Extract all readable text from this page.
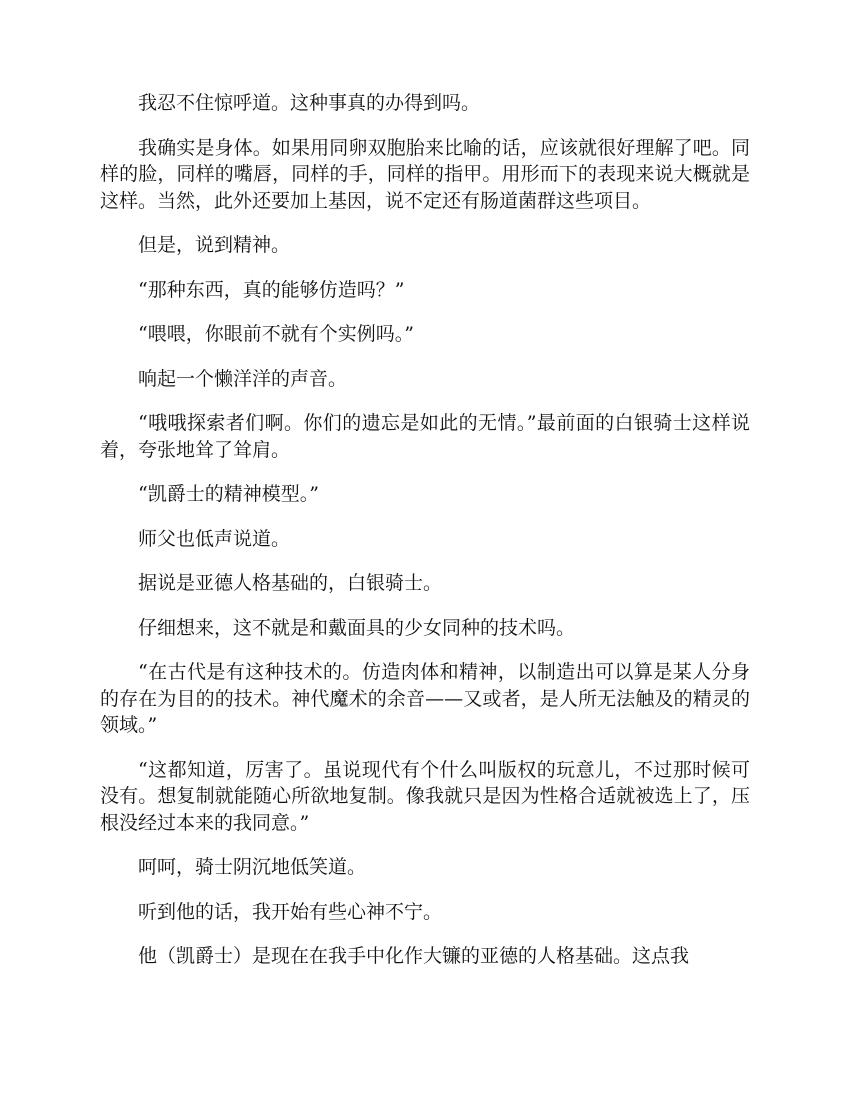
我忍不住惊呼道。这种事真的办得到吗。

我确实是身体。如果用同卵双胞胎来比喻的话，应该就很好理解了吧。同样的脸，同样的嘴唇，同样的手，同样的指甲。用形而下的表现来说大概就是这样。当然，此外还要加上基因，说不定还有肠道菌群这些项目。

但是，说到精神。

“那种东西，真的能够仿造吗？”

“喂喂，你眼前不就有个实例吗。”

响起一个懒洋洋的声音。

“哦哦探索者们啊。你们的遗忘是如此的无情。”最前面的白银骑士这样说着，夸张地耸了耸肩。

“凯爵士的精神模型。”

师父也低声说道。

据说是亚德人格基础的，白银骑士。

仔细想来，这不就是和戴面具的少女同种的技术吗。

“在古代是有这种技术的。仿造肉体和精神，以制造出可以算是某人分身的存在为目的的技术。神代魔术的余音——又或者，是人所无法触及的精灵的领域。”

“这都知道，厉害了。虽说现代有个什么叫版权的玩意儿，不过那时候可没有。想复制就能随心所欲地复制。像我就只是因为性格合适就被选上了，压根没经过本来的我同意。”

呵呵，骑士阴沉地低笑道。

听到他的话，我开始有些心神不宁。

他（凯爵士）是现在在我手中化作大镰的亚德的人格基础。这点我
